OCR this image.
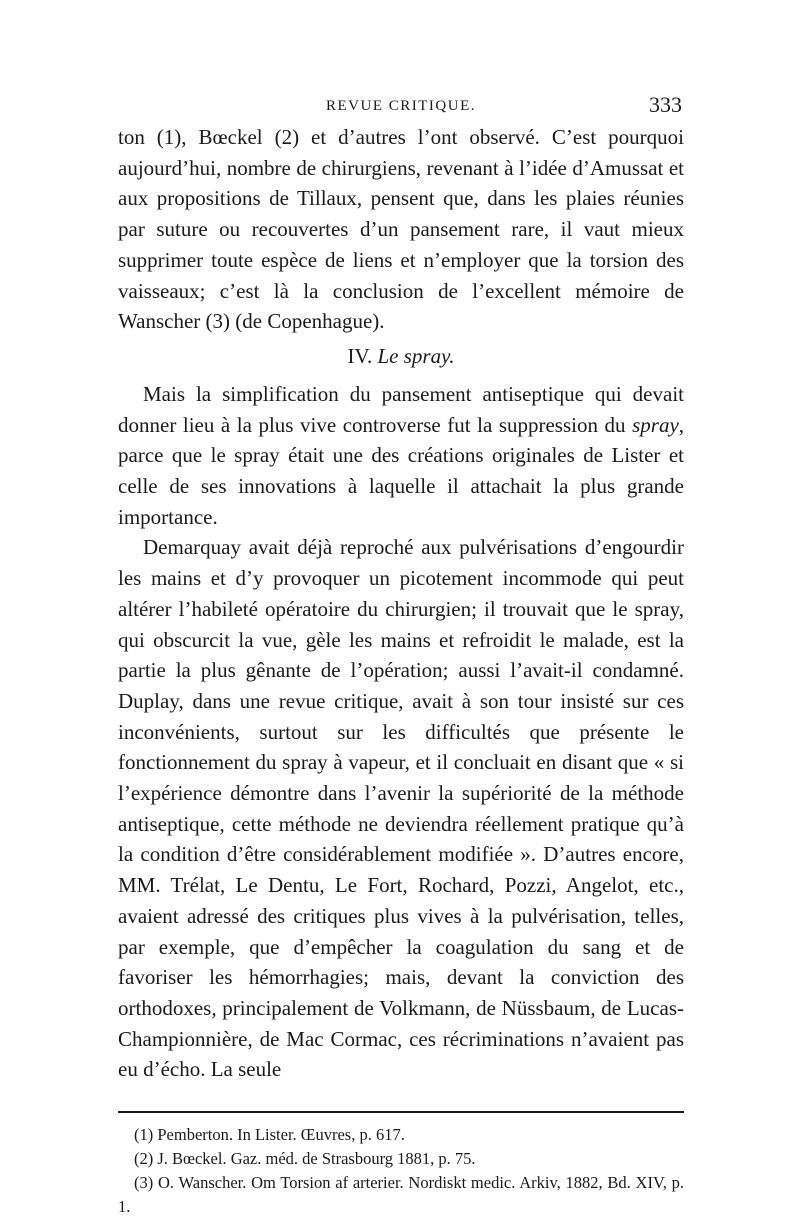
REVUE CRITIQUE.	333

ton (1), Bœckel (2) et d’autres l’ont observé. C’est pourquoi aujourd’hui, nombre de chirurgiens, revenant à l’idée d’Amussat et aux propositions de Tillaux, pensent que, dans les plaies réunies par suture ou recouvertes d’un pansement rare, il vaut mieux supprimer toute espèce de liens et n’employer que la torsion des vaisseaux; c’est là la conclusion de l’excellent mémoire de Wanscher (3) (de Copenhague).

IV. Le spray.

Mais la simplification du pansement antiseptique qui devait donner lieu à la plus vive controverse fut la suppression du spray, parce que le spray était une des créations originales de Lister et celle de ses innovations à laquelle il attachait la plus grande importance.

Demarquay avait déjà reproché aux pulvérisations d’engourdir les mains et d’y provoquer un picotement incommode qui peut altérer l’habileté opératoire du chirurgien; il trouvait que le spray, qui obscurcit la vue, gèle les mains et refroidit le malade, est la partie la plus gênante de l’opération; aussi l’avait-il condamné. Duplay, dans une revue critique, avait à son tour insisté sur ces inconvénients, surtout sur les difficultés que présente le fonctionnement du spray à vapeur, et il concluait en disant que « si l’expérience démontre dans l’avenir la supériorité de la méthode antiseptique, cette méthode ne deviendra réellement pratique qu’à la condition d’être considérablement modifiée ». D’autres encore, MM. Trélat, Le Dentu, Le Fort, Rochard, Pozzi, Angelot, etc., avaient adressé des critiques plus vives à la pulvérisation, telles, par exemple, que d’empêcher la coagulation du sang et de favoriser les hémorrhagies; mais, devant la conviction des orthodoxes, principalement de Volkmann, de Nüssbaum, de Lucas-Championnière, de Mac Cormac, ces récriminations n’avaient pas eu d’écho. La seule

(1) Pemberton. In Lister. Œuvres, p. 617.

(2) J. Bœckel. Gaz. méd. de Strasbourg 1881, p. 75.

(3) O. Wanscher. Om Torsion af arterier. Nordiskt medic. Arkiv, 1882, Bd. XIV, p. 1.
